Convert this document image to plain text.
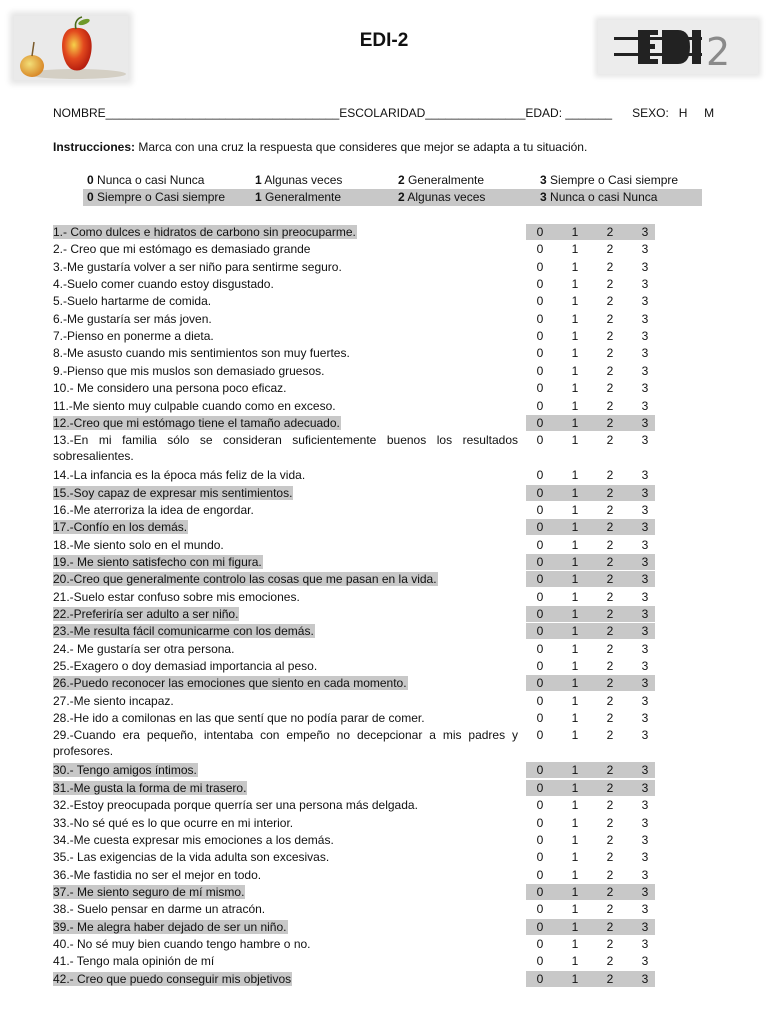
2
EDI-2
NOMBRE___________________________________ESCOLARIDAD_______________EDAD: _______      SEXO:   H     M
Instrucciones: Marca con una cruz la respuesta que consideres que mejor se adapta a tu situación.
0 Nunca o casi Nunca	1 Algunas veces	2 Generalmente	3 Siempre o Casi siempre
0 Siempre o Casi siempre 1 Generalmente	2 Algunas veces	3 Nunca o casi Nunca
1.- Como dulces e hidratos de carbono sin preocuparme.	0	1	2	3
2.- Creo que mi estómago es demasiado grande	0	1	2	3
3.-Me gustaría volver a ser niño para sentirme seguro.	0	1	2	3
4.-Suelo comer cuando estoy disgustado.	0	1	2	3
5.-Suelo hartarme de comida.	0	1	2	3
6.-Me gustaría ser más joven.	0	1	2	3
7.-Pienso en ponerme a dieta.	0	1	2	3
8.-Me asusto cuando mis sentimientos son muy fuertes.	0	1	2	3
9.-Pienso que mis muslos son demasiado gruesos.	0	1	2	3
10.- Me considero una persona poco eficaz.	0	1	2	3
11.-Me siento muy culpable cuando como en exceso.	0	1	2	3
12.-Creo que mi estómago tiene el tamaño adecuado.	0	1	2	3
13.-En mi familia sólo se consideran suficientemente buenos los resultados sobresalientes.
0	1	2	3
14.-La infancia es la época más feliz de la vida.	0	1	2	3
15.-Soy capaz de expresar mis sentimientos.	0	1	2	3
16.-Me aterroriza la idea de engordar.	0	1	2	3
17.-Confío en los demás.	0	1	2	3
18.-Me siento solo en el mundo.	0	1	2	3
19.- Me siento satisfecho con mi figura.	0	1	2	3
20.-Creo que generalmente controlo las cosas que me pasan en la vida.	0	1	2	3
21.-Suelo estar confuso sobre mis emociones.	0	1	2	3
22.-Preferiría ser adulto a ser niño.	0	1	2	3
23.-Me resulta fácil comunicarme con los demás.	0	1	2	3
24.- Me gustaría ser otra persona.	0	1	2	3
25.-Exagero o doy demasiad importancia al peso.	0	1	2	3
26.-Puedo reconocer las emociones que siento en cada momento.	0	1	2	3
27.-Me siento incapaz.	0	1	2	3
28.-He ido a comilonas en las que sentí que no podía parar de comer.	0	1	2	3
29.-Cuando era pequeño, intentaba con empeño no decepcionar a mis padres y profesores.
0	1	2	3
30.- Tengo amigos íntimos.	0	1	2	3
31.-Me gusta la forma de mi trasero.	0	1	2	3
32.-Estoy preocupada porque querría ser una persona más delgada.	0	1	2	3
33.-No sé qué es lo que ocurre en mi interior.	0	1	2	3
34.-Me cuesta expresar mis emociones a los demás.	0	1	2	3
35.- Las exigencias de la vida adulta son excesivas.	0	1	2	3
36.-Me fastidia no ser el mejor en todo.	0	1	2	3
37.- Me siento seguro de mí mismo.	0	1	2	3
38.- Suelo pensar en darme un atracón.	0	1	2	3
39.- Me alegra haber dejado de ser un niño.	0	1	2	3
40.- No sé muy bien cuando tengo hambre o no.	0	1	2	3
41.- Tengo mala opinión de mí	0	1	2	3
42.- Creo que puedo conseguir mis objetivos	0	1	2	3
